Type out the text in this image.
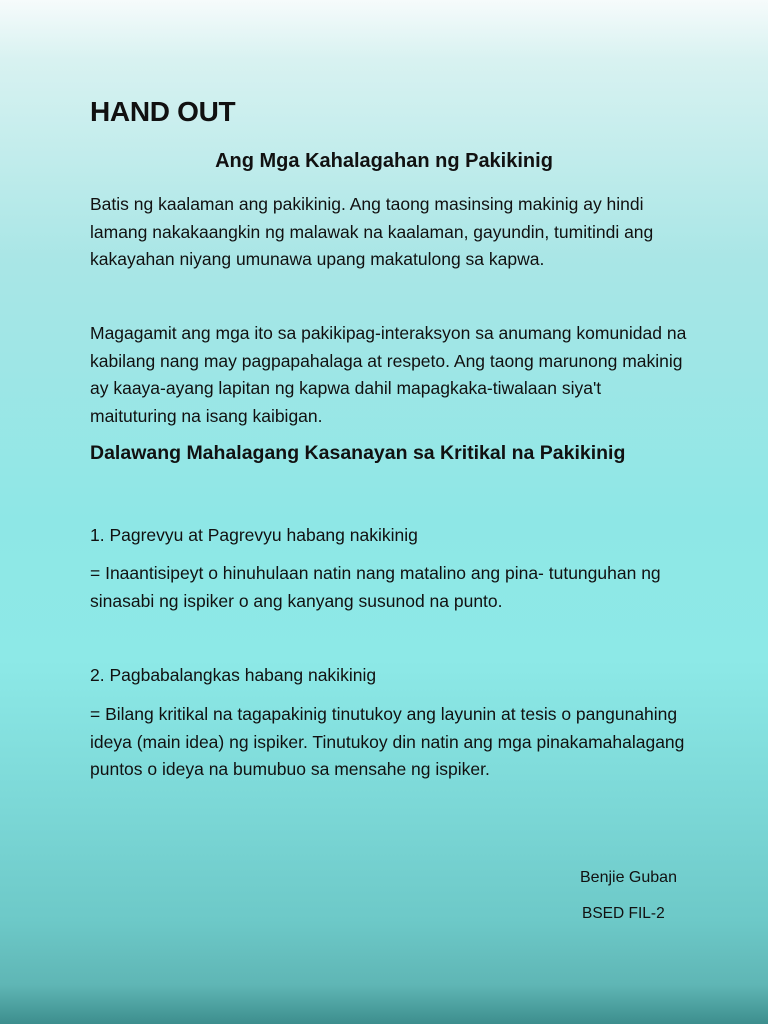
HAND OUT
Ang Mga Kahalagahan ng Pakikinig
Batis ng kaalaman ang pakikinig. Ang taong masinsing makinig ay hindi lamang nakakaangkin ng malawak na kaalaman, gayundin, tumitindi ang kakayahan niyang umunawa upang makatulong sa kapwa.
Magagamit ang mga ito sa pakikipag-interaksyon sa anumang komunidad na kabilang nang may pagpapahalaga at respeto. Ang taong marunong makinig ay kaaya-ayang lapitan ng kapwa dahil mapagkaka-tiwalaan siya't maituturing na isang kaibigan.
Dalawang Mahalagang Kasanayan sa Kritikal na Pakikinig
1. Pagrevyu at Pagrevyu habang nakikinig
= Inaantisipeyt o hinuhulaan natin nang matalino ang pina- tutunguhan ng sinasabi ng ispiker o ang kanyang susunod na punto.
2. Pagbabalangkas habang nakikinig
= Bilang kritikal na tagapakinig tinutukoy ang layunin at tesis o pangunahing ideya (main idea) ng ispiker. Tinutukoy din natin ang mga pinakamahalagang puntos o ideya na bumubuo sa mensahe ng ispiker.
Benjie Guban
BSED FIL-2
